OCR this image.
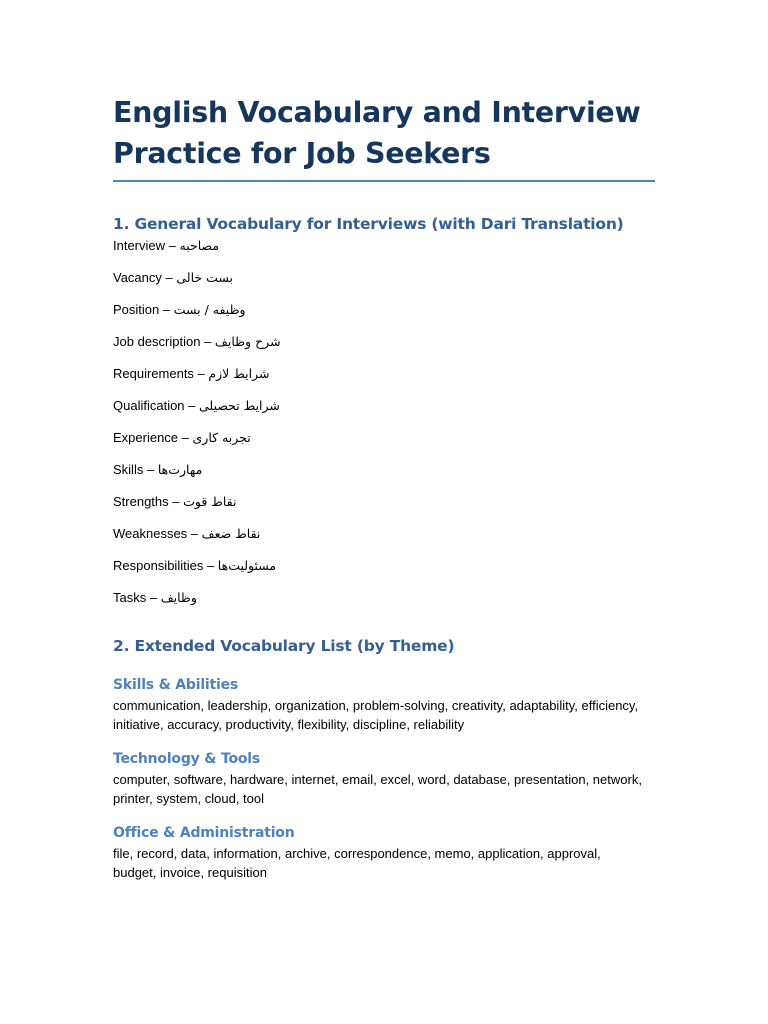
English Vocabulary and Interview Practice for Job Seekers
1. General Vocabulary for Interviews (with Dari Translation)
Interview – مصاحبه
Vacancy – بست خالی
Position – وظیفه / بست
Job description – شرح وظایف
Requirements – شرایط لازم
Qualification – شرایط تحصیلی
Experience – تجربه کاری
Skills – مهارت‌ها
Strengths – نقاط قوت
Weaknesses – نقاط ضعف
Responsibilities – مسئولیت‌ها
Tasks – وظایف
2. Extended Vocabulary List (by Theme)
Skills & Abilities

communication, leadership, organization, problem-solving, creativity, adaptability, efficiency, initiative, accuracy, productivity, flexibility, discipline, reliability

Technology & Tools

computer, software, hardware, internet, email, excel, word, database, presentation, network, printer, system, cloud, tool

Office & Administration

file, record, data, information, archive, correspondence, memo, application, approval, budget, invoice, requisition
